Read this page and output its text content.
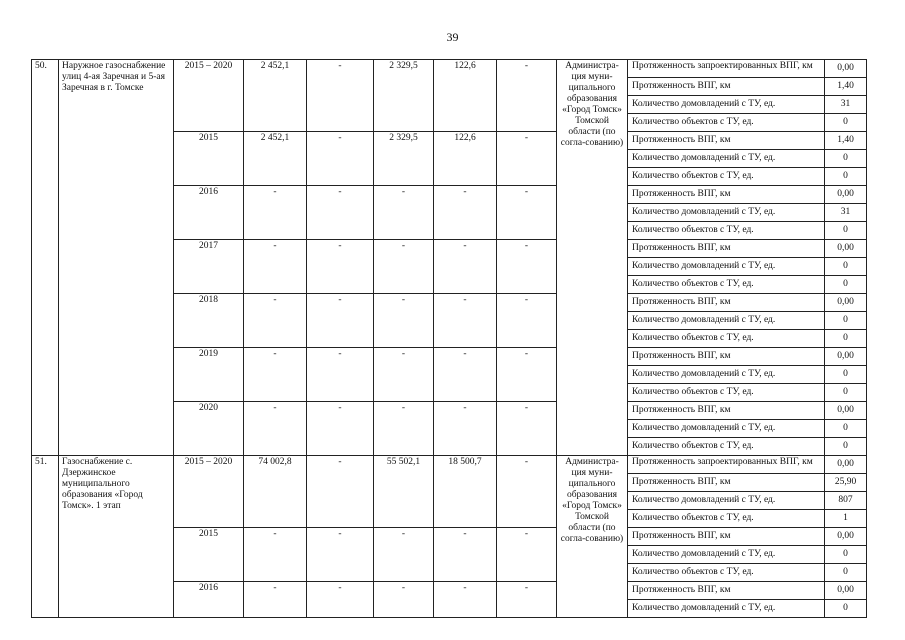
39
50.	Наружное газоснабжение улиц 4-ая Заречная и 5-ая Заречная в г. Томске	2015 – 2020	2 452,1	-	2 329,5	122,6	-	Администра-ция муни-ципального образования «Город Томск» Томской области (по согла-сованию)	Протяженность запроектированных ВПГ, км	0,00
									Протяженность ВПГ, км	1,40
									Количество домовладений с ТУ, ед.	31
									Количество объектов с ТУ, ед.	0
		2015	2 452,1	-	2 329,5	122,6	-		Протяженность ВПГ, км	1,40
									Количество домовладений с ТУ, ед.	0
									Количество объектов с ТУ, ед.	0
		2016	-	-	-	-	-		Протяженность ВПГ, км	0,00
									Количество домовладений с ТУ, ед.	31
									Количество объектов с ТУ, ед.	0
		2017	-	-	-	-	-		Протяженность ВПГ, км	0,00
									Количество домовладений с ТУ, ед.	0
									Количество объектов с ТУ, ед.	0
		2018	-	-	-	-	-		Протяженность ВПГ, км	0,00
									Количество домовладений с ТУ, ед.	0
									Количество объектов с ТУ, ед.	0
		2019	-	-	-	-	-		Протяженность ВПГ, км	0,00
									Количество домовладений с ТУ, ед.	0
									Количество объектов с ТУ, ед.	0
		2020	-	-	-	-	-		Протяженность ВПГ, км	0,00
									Количество домовладений с ТУ, ед.	0
									Количество объектов с ТУ, ед.	0
51.	Газоснабжение с. Дзержинское муниципального образования «Город Томск». 1 этап	2015 – 2020	74 002,8	-	55 502,1	18 500,7	-	Администра-ция муни-ципального образования «Город Томск» Томской области (по согла-сованию)	Протяженность запроектированных ВПГ, км	0,00
									Протяженность ВПГ, км	25,90
									Количество домовладений с ТУ, ед.	807
									Количество объектов с ТУ, ед.	1
		2015	-	-	-	-	-		Протяженность ВПГ, км	0,00
									Количество домовладений с ТУ, ед.	0
									Количество объектов с ТУ, ед.	0
		2016	-	-	-	-	-		Протяженность ВПГ, км	0,00
									Количество домовладений с ТУ, ед.	0
